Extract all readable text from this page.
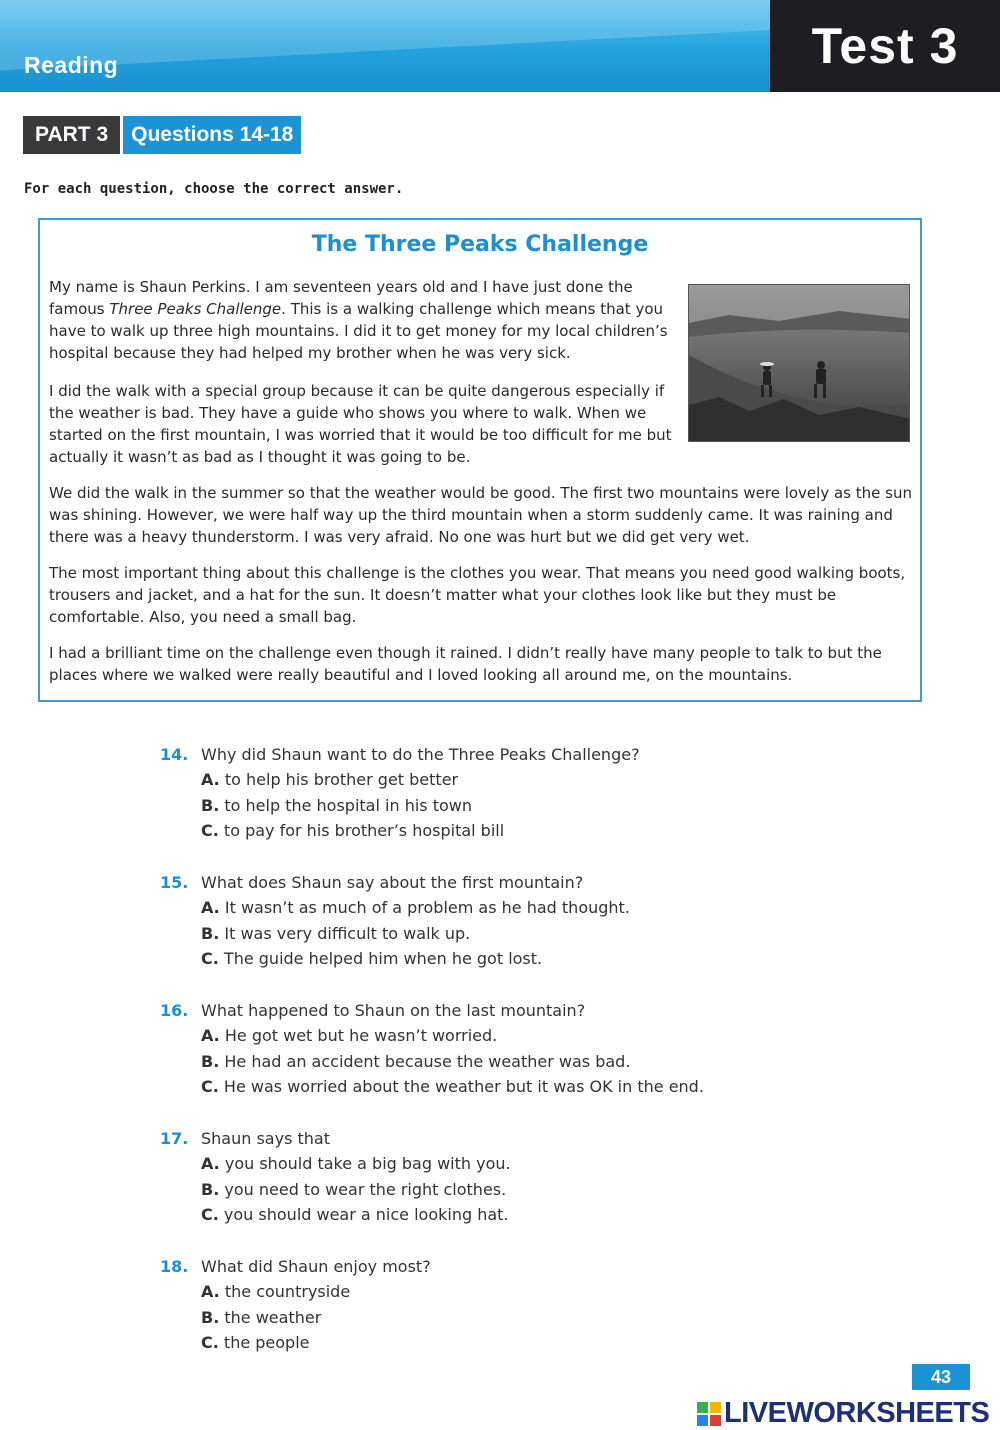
Reading	Test 3
PART 3	Questions 14-18
For each question, choose the correct answer.
The Three Peaks Challenge

My name is Shaun Perkins. I am seventeen years old and I have just done the famous Three Peaks Challenge. This is a walking challenge which means that you have to walk up three high mountains. I did it to get money for my local children’s hospital because they had helped my brother when he was very sick.

I did the walk with a special group because it can be quite dangerous especially if the weather is bad. They have a guide who shows you where to walk. When we started on the first mountain, I was worried that it would be too difficult for me but actually it wasn’t as bad as I thought it was going to be.

We did the walk in the summer so that the weather would be good. The first two mountains were lovely as the sun was shining. However, we were half way up the third mountain when a storm suddenly came. It was raining and there was a heavy thunderstorm. I was very afraid. No one was hurt but we did get very wet.

The most important thing about this challenge is the clothes you wear. That means you need good walking boots, trousers and jacket, and a hat for the sun. It doesn’t matter what your clothes look like but they must be comfortable. Also, you need a small bag.

I had a brilliant time on the challenge even though it rained. I didn’t really have many people to talk to but the places where we walked were really beautiful and I loved looking all around me, on the mountains.

14. Why did Shaun want to do the Three Peaks Challenge?
A. to help his brother get better
B. to help the hospital in his town
C. to pay for his brother’s hospital bill
15. What does Shaun say about the first mountain?
A. It wasn’t as much of a problem as he had thought.
B. It was very difficult to walk up.
C. The guide helped him when he got lost.
16. What happened to Shaun on the last mountain?
A. He got wet but he wasn’t worried.
B. He had an accident because the weather was bad.
C. He was worried about the weather but it was OK in the end.
17. Shaun says that
A. you should take a big bag with you.
B. you need to wear the right clothes.
C. you should wear a nice looking hat.
18. What did Shaun enjoy most?
A. the countryside
B. the weather
C. the people
43
LIVEWORKSHEETS
